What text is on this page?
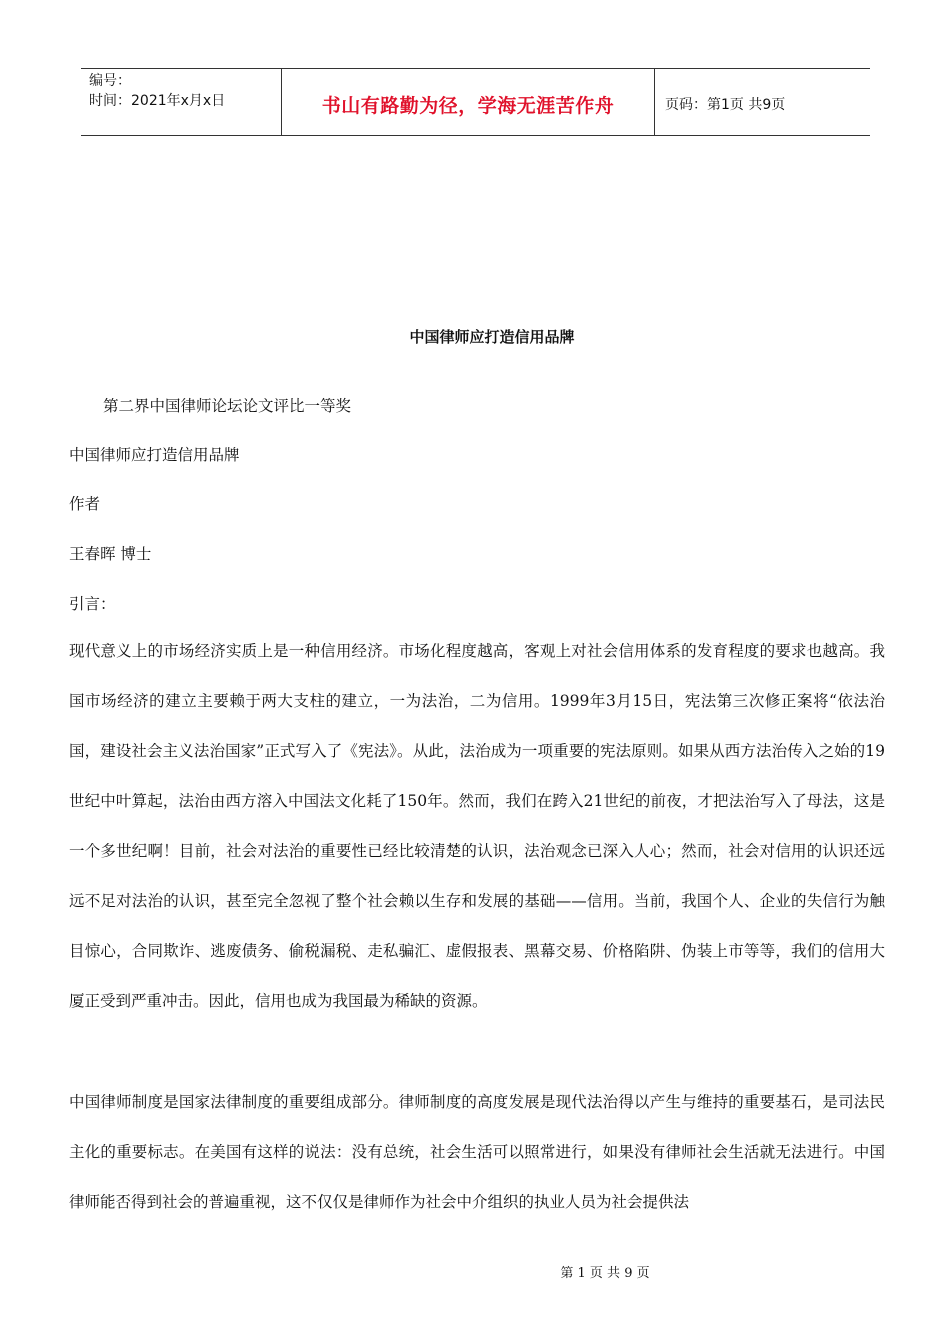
编号：
时间：2021年x月x日	书山有路勤为径，学海无涯苦作舟	页码：第1页 共9页
中国律师应打造信用品牌
第二界中国律师论坛论文评比一等奖
中国律师应打造信用品牌
作者
王春晖 博士
引言：

现代意义上的市场经济实质上是一种信用经济。市场化程度越高，客观上对社会信用体系的发育程度的要求也越高。我国市场经济的建立主要赖于两大支柱的建立，一为法治，二为信用。1999年3月15日，宪法第三次修正案将“依法治国，建设社会主义法治国家”正式写入了《宪法》。从此，法治成为一项重要的宪法原则。如果从西方法治传入之始的19世纪中叶算起，法治由西方溶入中国法文化耗了150年。然而，我们在跨入21世纪的前夜，才把法治写入了母法，这是一个多世纪啊！目前，社会对法治的重要性已经比较清楚的认识，法治观念已深入人心；然而，社会对信用的认识还远远不足对法治的认识，甚至完全忽视了整个社会赖以生存和发展的基础——信用。当前，我国个人、企业的失信行为触目惊心，合同欺诈、逃废债务、偷税漏税、走私骗汇、虚假报表、黑幕交易、价格陷阱、伪装上市等等，我们的信用大厦正受到严重冲击。因此，信用也成为我国最为稀缺的资源。

中国律师制度是国家法律制度的重要组成部分。律师制度的高度发展是现代法治得以产生与维持的重要基石，是司法民主化的重要标志。在美国有这样的说法：没有总统，社会生活可以照常进行，如果没有律师社会生活就无法进行。中国律师能否得到社会的普遍重视，这不仅仅是律师作为社会中介组织的执业人员为社会提供法

第 1 页 共 9 页
